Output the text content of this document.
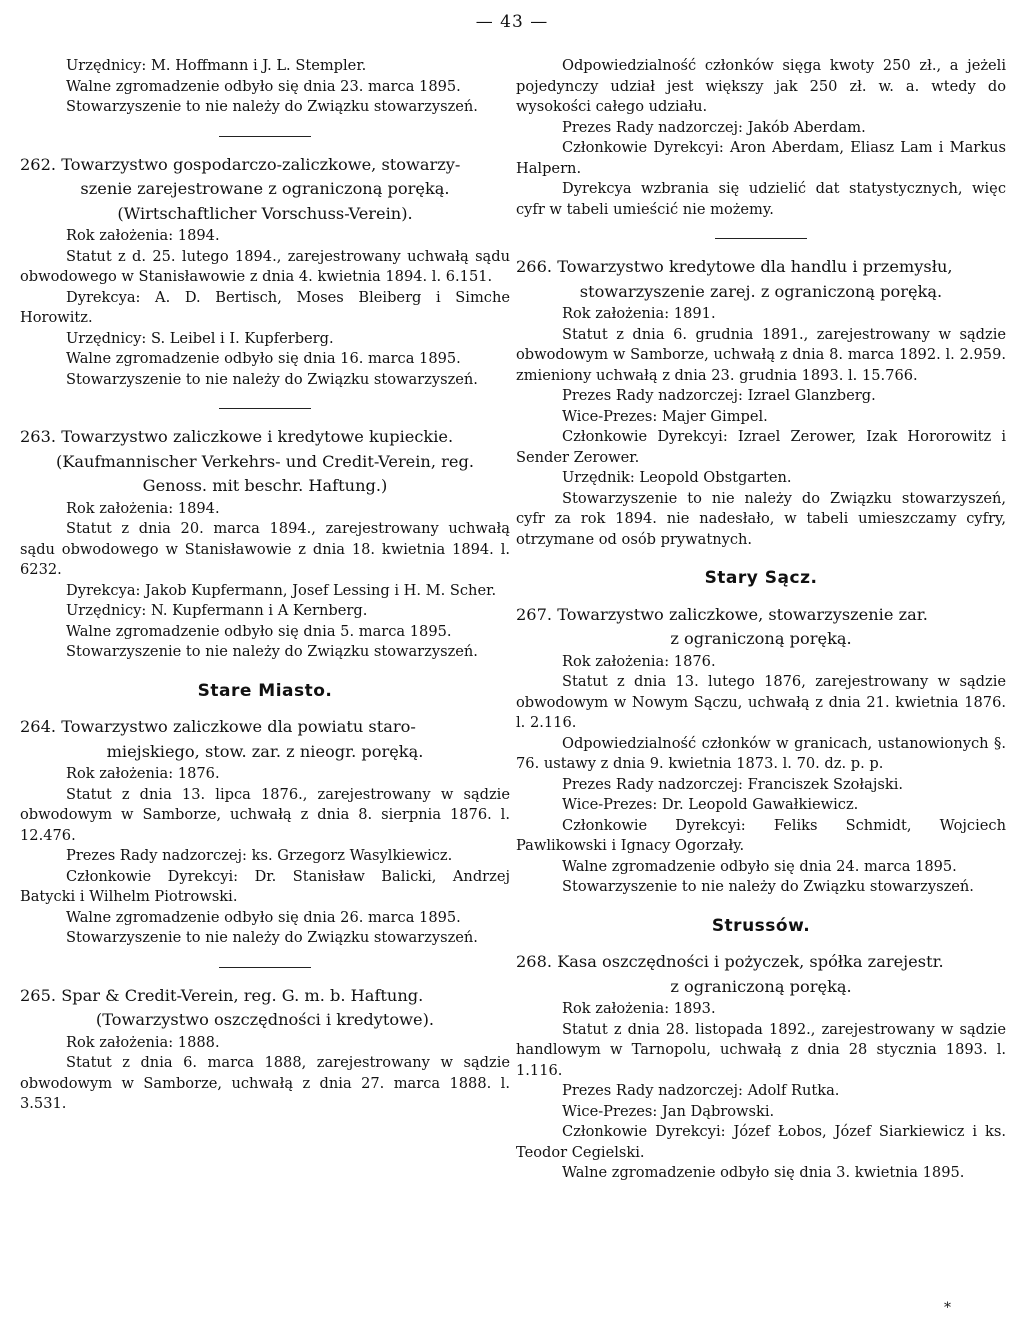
— 43 —

Urzędnicy: M. Hoffmann i J. L. Stempler.

Walne zgromadzenie odbyło się dnia 23. marca 1895.

Stowarzyszenie to nie należy do Związku stowarzyszeń.

262. Towarzystwo gospodarczo-zaliczkowe, stowarzy-
szenie zarejestrowane z ograniczoną poręką.
(Wirtschaftlicher Vorschuss-Verein).

Rok założenia: 1894.

Statut z d. 25. lutego 1894., zarejestrowany uchwałą sądu obwodowego w Stanisławowie z dnia 4. kwietnia 1894. l. 6.151.

Dyrekcya: A. D. Bertisch, Moses Bleiberg i Simche Horowitz.

Urzędnicy: S. Leibel i I. Kupferberg.

Walne zgromadzenie odbyło się dnia 16. marca 1895.

Stowarzyszenie to nie należy do Związku stowarzyszeń.

263. Towarzystwo zaliczkowe i kredytowe kupieckie.
(Kaufmannischer Verkehrs- und Credit-Verein, reg.
Genoss. mit beschr. Haftung.)

Rok założenia: 1894.

Statut z dnia 20. marca 1894., zarejestrowany uchwałą sądu obwodowego w Stanisławowie z dnia 18. kwietnia 1894. l. 6232.

Dyrekcya: Jakob Kupfermann, Josef Lessing i H. M. Scher.

Urzędnicy: N. Kupfermann i A Kernberg.

Walne zgromadzenie odbyło się dnia 5. marca 1895.

Stowarzyszenie to nie należy do Związku stowarzyszeń.

Stare Miasto.

264. Towarzystwo zaliczkowe dla powiatu staro-
miejskiego, stow. zar. z nieogr. poręką.

Rok założenia: 1876.

Statut z dnia 13. lipca 1876., zarejestrowany w sądzie obwodowym w Samborze, uchwałą z dnia 8. sierpnia 1876. l. 12.476.

Prezes Rady nadzorczej: ks. Grzegorz Wasylkiewicz.

Członkowie Dyrekcyi: Dr. Stanisław Balicki, Andrzej Batycki i Wilhelm Piotrowski.

Walne zgromadzenie odbyło się dnia 26. marca 1895.

Stowarzyszenie to nie należy do Związku stowarzyszeń.

265. Spar & Credit-Verein, reg. G. m. b. Haftung.
(Towarzystwo oszczędności i kredytowe).

Rok założenia: 1888.

Statut z dnia 6. marca 1888, zarejestrowany w sądzie obwodowym w Samborze, uchwałą z dnia 27. marca 1888. l. 3.531.

Odpowiedzialność członków sięga kwoty 250 zł., a jeżeli pojedynczy udział jest większy jak 250 zł. w. a. wtedy do wysokości całego udziału.

Prezes Rady nadzorczej: Jakób Aberdam.

Członkowie Dyrekcyi: Aron Aberdam, Eliasz Lam i Markus Halpern.

Dyrekcya wzbrania się udzielić dat statystycznych, więc cyfr w tabeli umieścić nie możemy.

266. Towarzystwo kredytowe dla handlu i przemysłu,
stowarzyszenie zarej. z ograniczoną poręką.

Rok założenia: 1891.

Statut z dnia 6. grudnia 1891., zarejestrowany w sądzie obwodowym w Samborze, uchwałą z dnia 8. marca 1892. l. 2.959. zmieniony uchwałą z dnia 23. grudnia 1893. l. 15.766.

Prezes Rady nadzorczej: Izrael Glanzberg.

Wice-Prezes: Majer Gimpel.

Członkowie Dyrekcyi: Izrael Zerower, Izak Hororowitz i Sender Zerower.

Urzędnik: Leopold Obstgarten.

Stowarzyszenie to nie należy do Związku stowarzyszeń, cyfr za rok 1894. nie nadesłało, w tabeli umieszczamy cyfry, otrzymane od osób prywatnych.

Stary Sącz.

267. Towarzystwo zaliczkowe, stowarzyszenie zar.
z ograniczoną poręką.

Rok założenia: 1876.

Statut z dnia 13. lutego 1876, zarejestrowany w sądzie obwodowym w Nowym Sączu, uchwałą z dnia 21. kwietnia 1876. l. 2.116.

Odpowiedzialność członków w granicach, ustanowionych §. 76. ustawy z dnia 9. kwietnia 1873. l. 70. dz. p. p.

Prezes Rady nadzorczej: Franciszek Szołajski.

Wice-Prezes: Dr. Leopold Gawałkiewicz.

Członkowie Dyrekcyi: Feliks Schmidt, Wojciech Pawlikowski i Ignacy Ogorzały.

Walne zgromadzenie odbyło się dnia 24. marca 1895.

Stowarzyszenie to nie należy do Związku stowarzyszeń.

Strussów.

268. Kasa oszczędności i pożyczek, spółka zarejestr.
z ograniczoną poręką.

Rok założenia: 1893.

Statut z dnia 28. listopada 1892., zarejestrowany w sądzie handlowym w Tarnopolu, uchwałą z dnia 28 stycznia 1893. l. 1.116.

Prezes Rady nadzorczej: Adolf Rutka.

Wice-Prezes: Jan Dąbrowski.

Członkowie Dyrekcyi: Józef Łobos, Józef Siarkiewicz i ks. Teodor Cegielski.

Walne zgromadzenie odbyło się dnia 3. kwietnia 1895.

*
